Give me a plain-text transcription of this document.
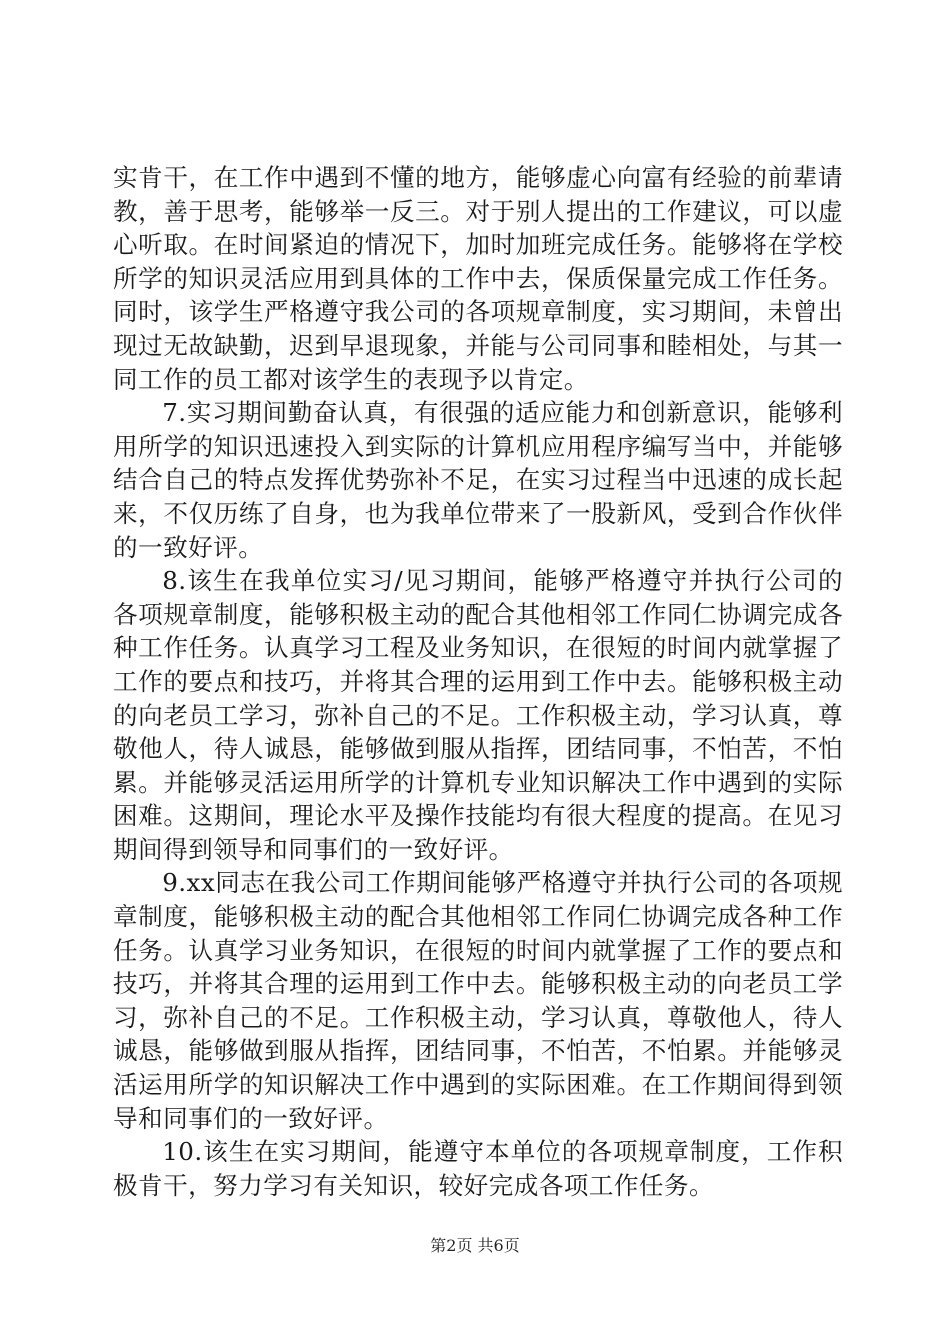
实肯干，在工作中遇到不懂的地方，能够虚心向富有经验的前辈请教，善于思考，能够举一反三。对于别人提出的工作建议，可以虚心听取。在时间紧迫的情况下，加时加班完成任务。能够将在学校所学的知识灵活应用到具体的工作中去，保质保量完成工作任务。同时，该学生严格遵守我公司的各项规章制度，实习期间，未曾出现过无故缺勤，迟到早退现象，并能与公司同事和睦相处，与其一同工作的员工都对该学生的表现予以肯定。

7.实习期间勤奋认真，有很强的适应能力和创新意识，能够利用所学的知识迅速投入到实际的计算机应用程序编写当中，并能够结合自己的特点发挥优势弥补不足，在实习过程当中迅速的成长起来，不仅历练了自身，也为我单位带来了一股新风，受到合作伙伴的一致好评。

8.该生在我单位实习/见习期间，能够严格遵守并执行公司的各项规章制度，能够积极主动的配合其他相邻工作同仁协调完成各种工作任务。认真学习工程及业务知识，在很短的时间内就掌握了工作的要点和技巧，并将其合理的运用到工作中去。能够积极主动的向老员工学习，弥补自己的不足。工作积极主动，学习认真，尊敬他人，待人诚恳，能够做到服从指挥，团结同事，不怕苦，不怕累。并能够灵活运用所学的计算机专业知识解决工作中遇到的实际困难。这期间，理论水平及操作技能均有很大程度的提高。在见习期间得到领导和同事们的一致好评。

9.xx同志在我公司工作期间能够严格遵守并执行公司的各项规章制度，能够积极主动的配合其他相邻工作同仁协调完成各种工作任务。认真学习业务知识，在很短的时间内就掌握了工作的要点和技巧，并将其合理的运用到工作中去。能够积极主动的向老员工学习，弥补自己的不足。工作积极主动，学习认真，尊敬他人，待人诚恳，能够做到服从指挥，团结同事，不怕苦，不怕累。并能够灵活运用所学的知识解决工作中遇到的实际困难。在工作期间得到领导和同事们的一致好评。

10.该生在实习期间，能遵守本单位的各项规章制度，工作积极肯干，努力学习有关知识，较好完成各项工作任务。

第2页 共6页
